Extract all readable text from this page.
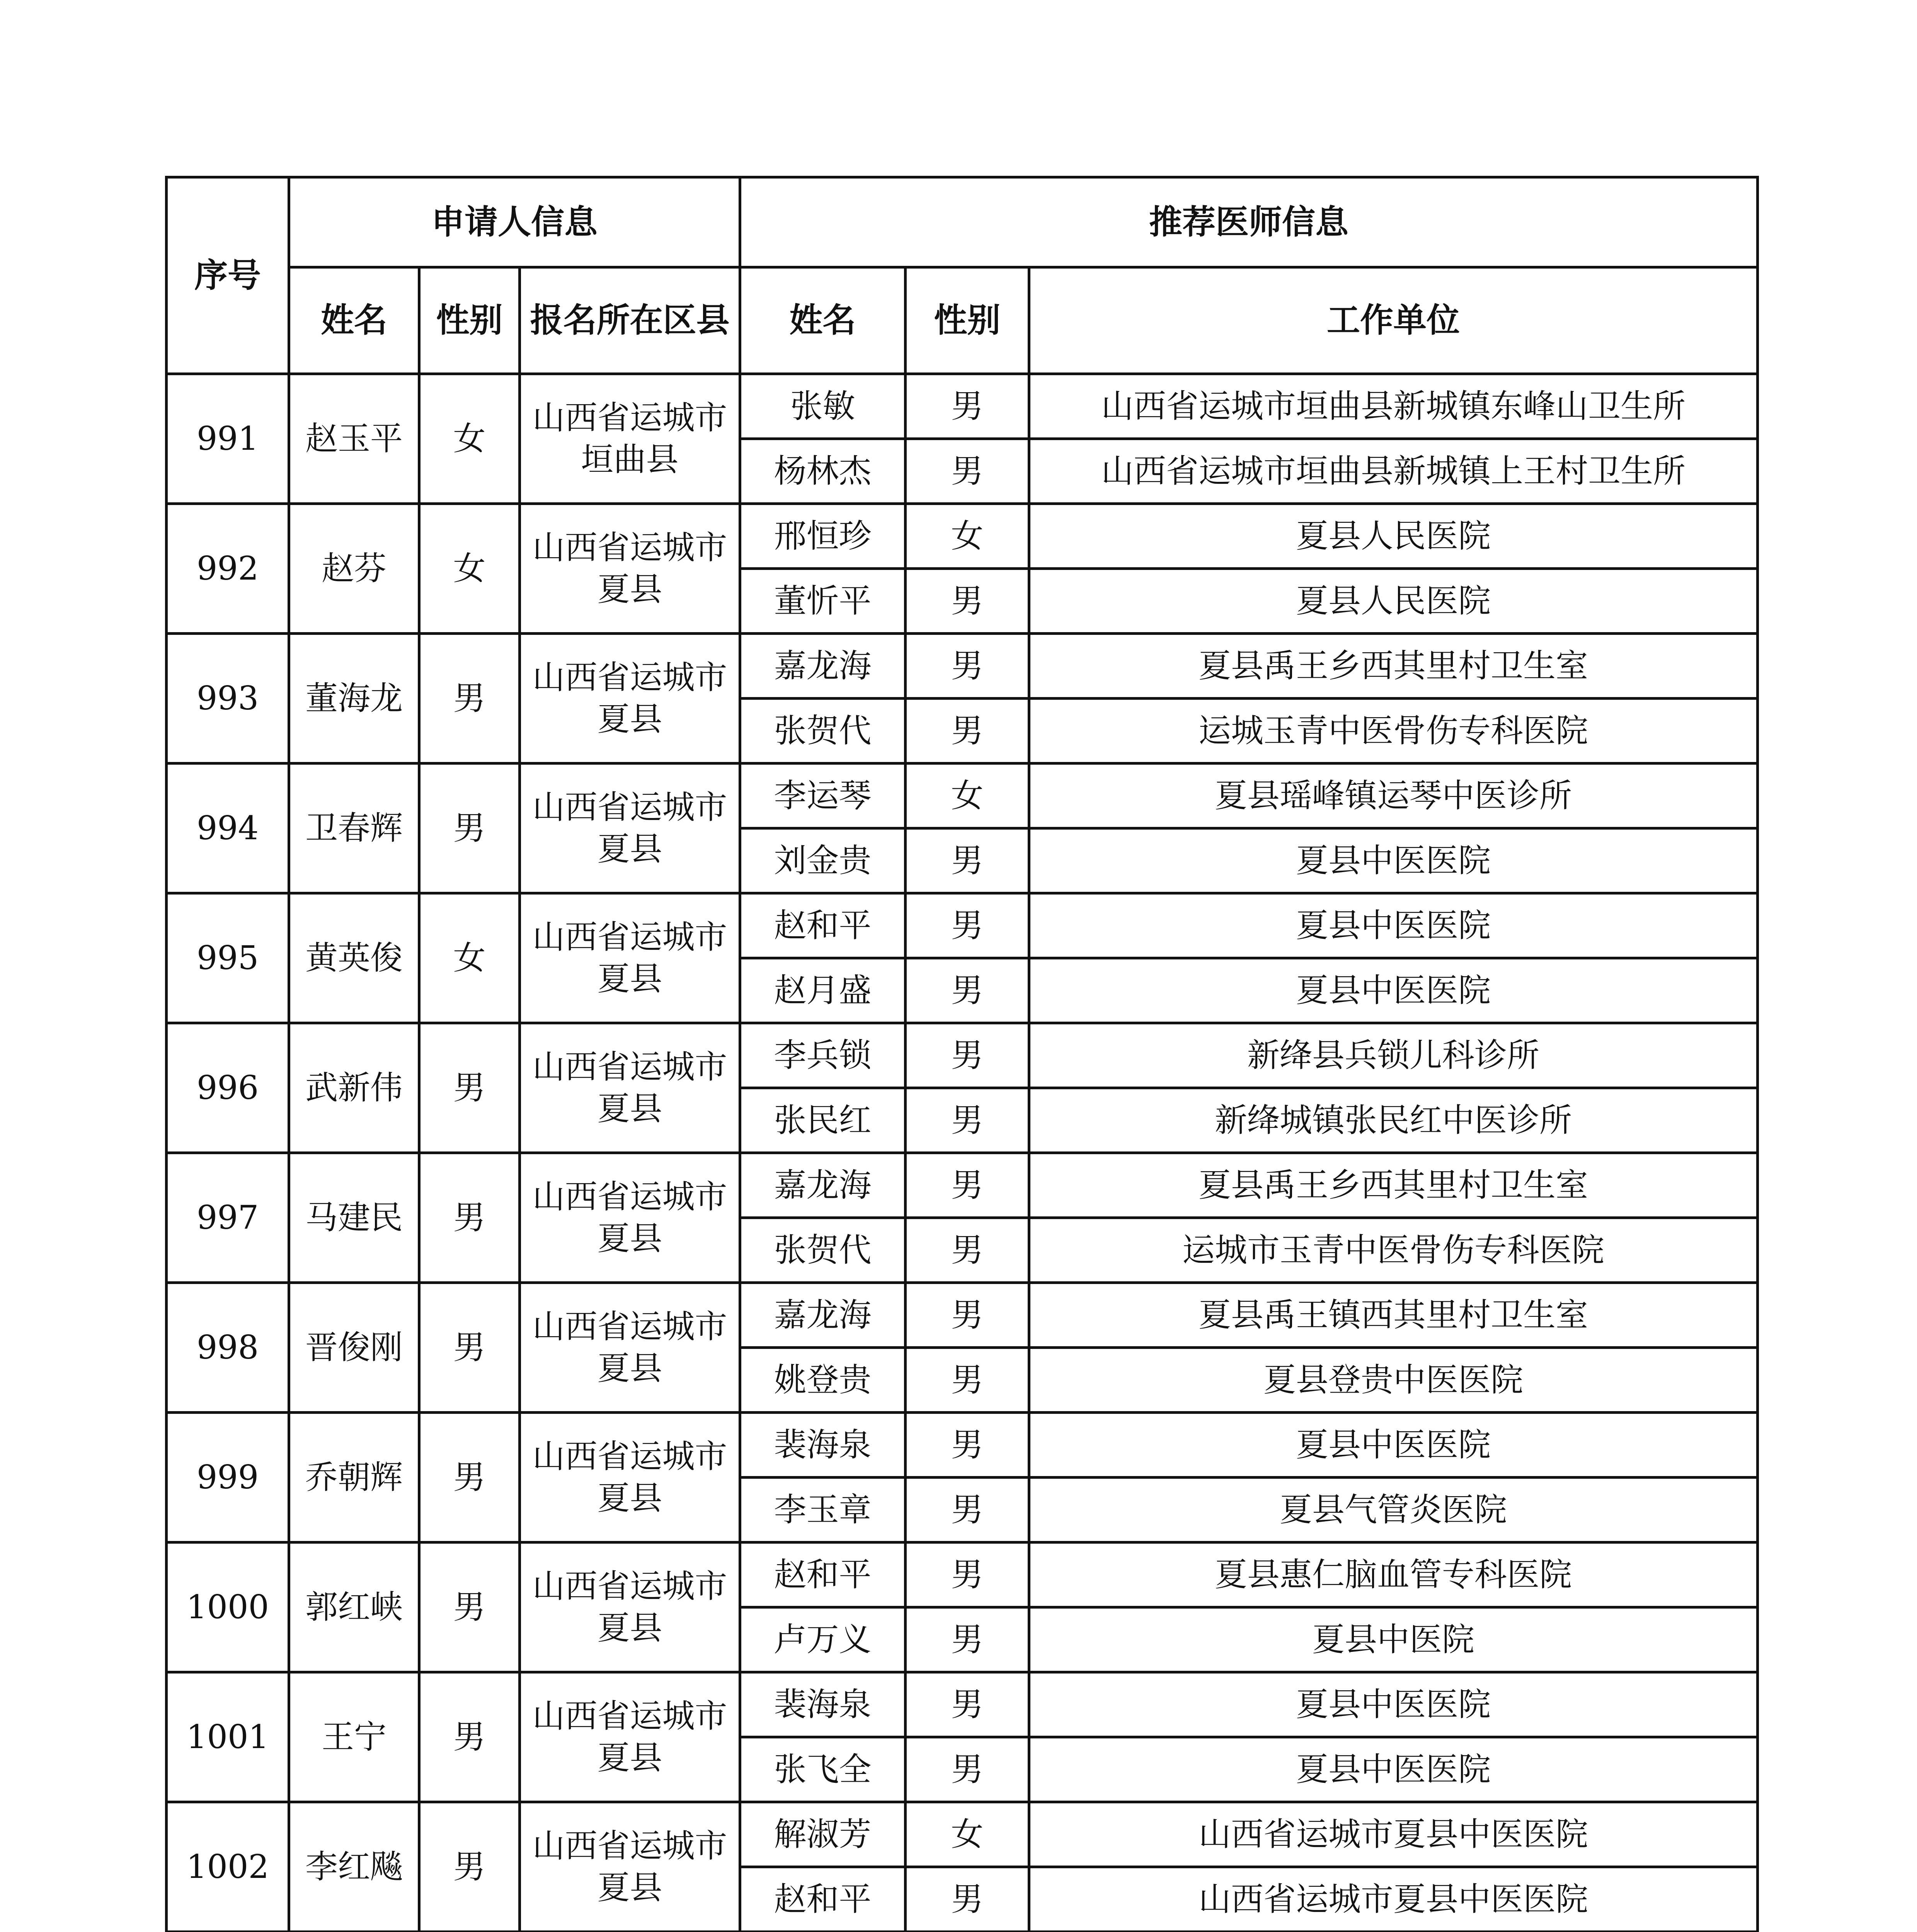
序号	申请人信息			推荐医师信息		
	姓名	性别	报名所在区县	姓名	性别	工作单位
991	赵玉平	女	山西省运城市垣曲县	张敏	男	山西省运城市垣曲县新城镇东峰山卫生所
				杨林杰	男	山西省运城市垣曲县新城镇上王村卫生所
992	赵芬	女	山西省运城市夏县	邢恒珍	女	夏县人民医院
				董忻平	男	夏县人民医院
993	董海龙	男	山西省运城市夏县	嘉龙海	男	夏县禹王乡西其里村卫生室
				张贺代	男	运城玉青中医骨伤专科医院
994	卫春辉	男	山西省运城市夏县	李运琴	女	夏县瑶峰镇运琴中医诊所
				刘金贵	男	夏县中医医院
995	黄英俊	女	山西省运城市夏县	赵和平	男	夏县中医医院
				赵月盛	男	夏县中医医院
996	武新伟	男	山西省运城市夏县	李兵锁	男	新绛县兵锁儿科诊所
				张民红	男	新绛城镇张民红中医诊所
997	马建民	男	山西省运城市夏县	嘉龙海	男	夏县禹王乡西其里村卫生室
				张贺代	男	运城市玉青中医骨伤专科医院
998	晋俊刚	男	山西省运城市夏县	嘉龙海	男	夏县禹王镇西其里村卫生室
				姚登贵	男	夏县登贵中医医院
999	乔朝辉	男	山西省运城市夏县	裴海泉	男	夏县中医医院
				李玉章	男	夏县气管炎医院
1000	郭红峡	男	山西省运城市夏县	赵和平	男	夏县惠仁脑血管专科医院
				卢万义	男	夏县中医院
1001	王宁	男	山西省运城市夏县	裴海泉	男	夏县中医医院
				张飞全	男	夏县中医医院
1002	李红飚	男	山西省运城市夏县	解淑芳	女	山西省运城市夏县中医医院
				赵和平	男	山西省运城市夏县中医医院
